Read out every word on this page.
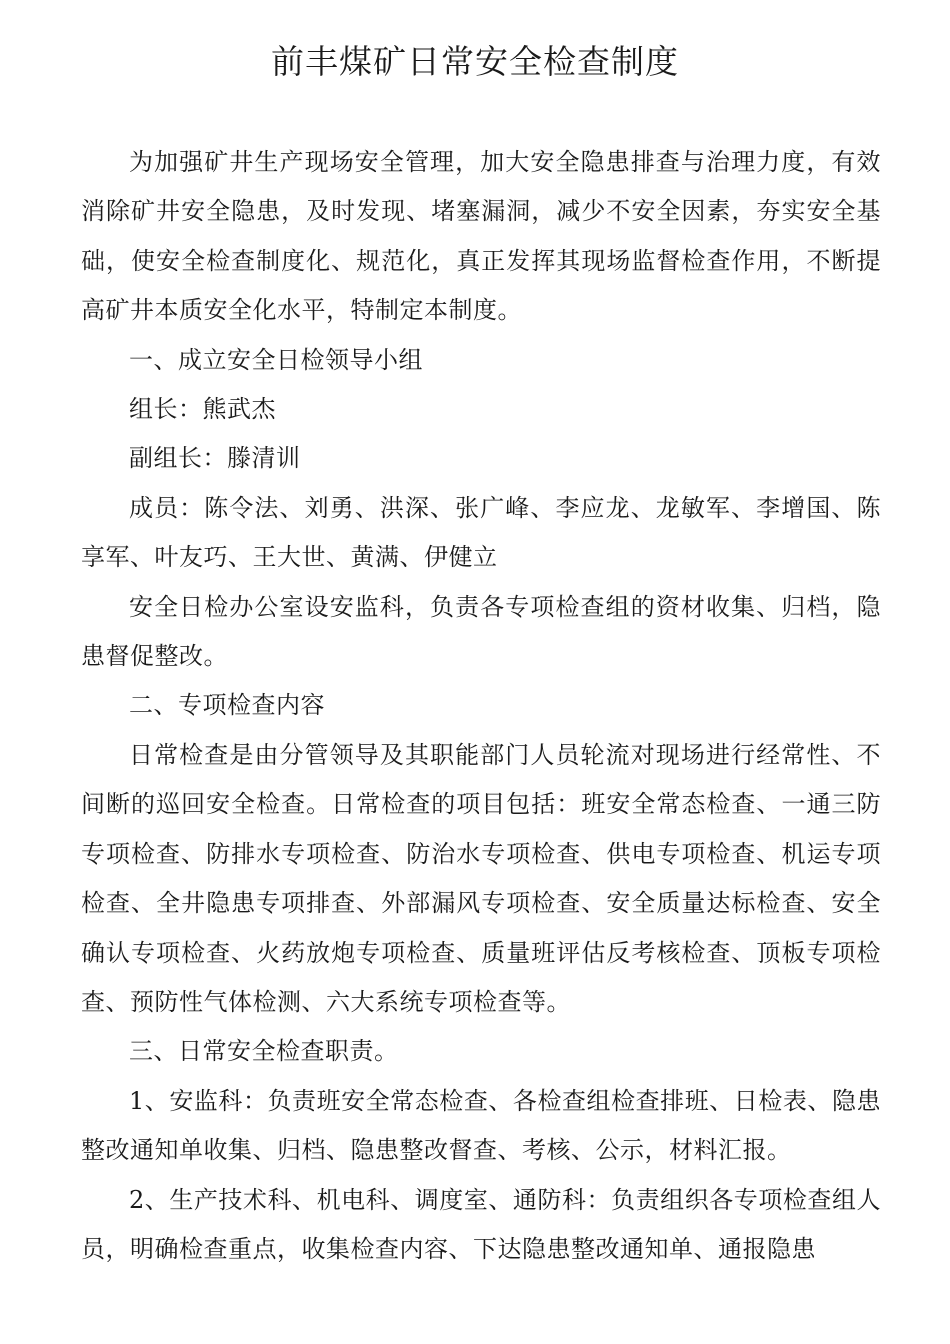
前丰煤矿日常安全检查制度

为加强矿井生产现场安全管理，加大安全隐患排查与治理力度，有效消除矿井安全隐患，及时发现、堵塞漏洞，减少不安全因素，夯实安全基础，使安全检查制度化、规范化，真正发挥其现场监督检查作用，不断提高矿井本质安全化水平，特制定本制度。

一、成立安全日检领导小组

组长：熊武杰

副组长：滕清训

成员：陈令法、刘勇、洪深、张广峰、李应龙、龙敏军、李增国、陈享军、叶友巧、王大世、黄满、伊健立

安全日检办公室设安监科，负责各专项检查组的资材收集、归档，隐患督促整改。

二、专项检查内容

日常检查是由分管领导及其职能部门人员轮流对现场进行经常性、不间断的巡回安全检查。日常检查的项目包括：班安全常态检查、一通三防专项检查、防排水专项检查、防治水专项检查、供电专项检查、机运专项检查、全井隐患专项排查、外部漏风专项检查、安全质量达标检查、安全确认专项检查、火药放炮专项检查、质量班评估反考核检查、顶板专项检查、预防性气体检测、六大系统专项检查等。

三、日常安全检查职责。

1、安监科：负责班安全常态检查、各检查组检查排班、日检表、隐患整改通知单收集、归档、隐患整改督查、考核、公示，材料汇报。

2、生产技术科、机电科、调度室、通防科：负责组织各专项检查组人员，明确检查重点，收集检查内容、下达隐患整改通知单、通报隐患
